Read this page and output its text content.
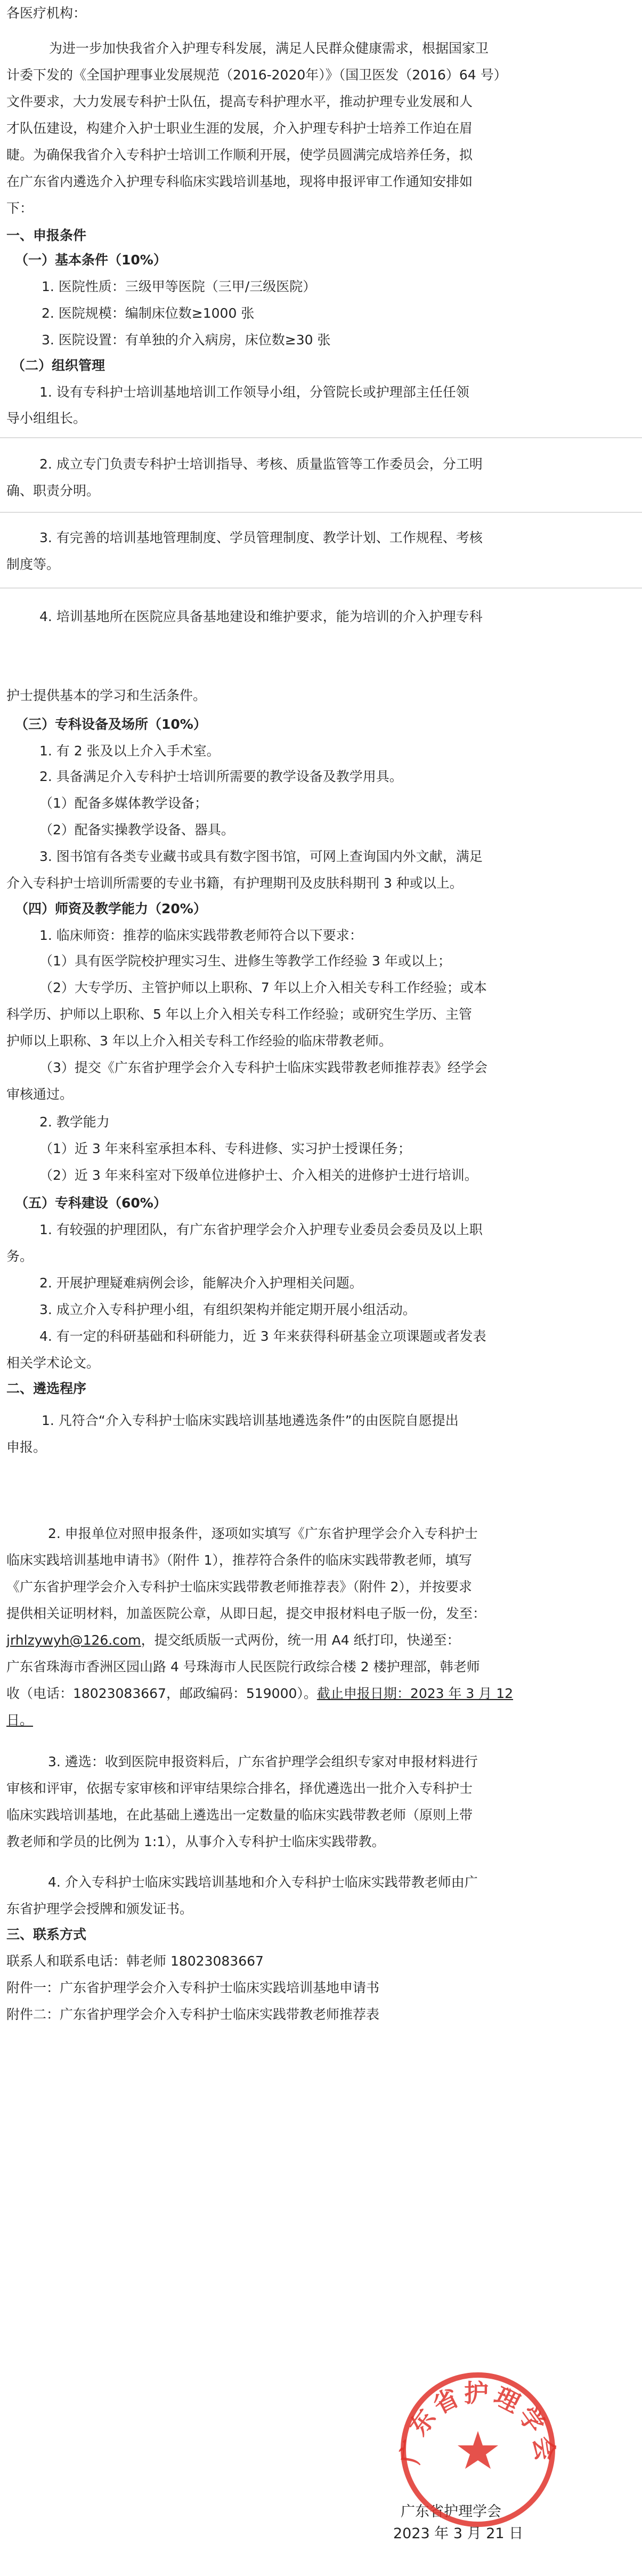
各医疗机构：
为进一步加快我省介入护理专科发展，满足人民群众健康需求，根据国家卫
计委下发的《全国护理事业发展规范（2016-2020年）》（国卫医发（2016）64 号）
文件要求，大力发展专科护士队伍，提高专科护理水平，推动护理专业发展和人
才队伍建设，构建介入护士职业生涯的发展，介入护理专科护士培养工作迫在眉
睫。为确保我省介入专科护士培训工作顺利开展，使学员圆满完成培养任务，拟
在广东省内遴选介入护理专科临床实践培训基地，现将申报评审工作通知安排如
下：
一、申报条件
（一）基本条件（10%）
1. 医院性质：三级甲等医院（三甲/三级医院）
2. 医院规模：编制床位数≥1000 张
3. 医院设置：有单独的介入病房，床位数≥30 张
（二）组织管理
1. 设有专科护士培训基地培训工作领导小组，分管院长或护理部主任任领
导小组组长。
2. 成立专门负责专科护士培训指导、考核、质量监管等工作委员会，分工明
确、职责分明。
3. 有完善的培训基地管理制度、学员管理制度、教学计划、工作规程、考核
制度等。
4. 培训基地所在医院应具备基地建设和维护要求，能为培训的介入护理专科
护士提供基本的学习和生活条件。
（三）专科设备及场所（10%）
1. 有 2 张及以上介入手术室。
2. 具备满足介入专科护士培训所需要的教学设备及教学用具。
（1）配备多媒体教学设备；
（2）配备实操教学设备、器具。
3. 图书馆有各类专业藏书或具有数字图书馆，可网上查询国内外文献，满足
介入专科护士培训所需要的专业书籍，有护理期刊及皮肤科期刊 3 种或以上。
（四）师资及教学能力（20%）
1. 临床师资：推荐的临床实践带教老师符合以下要求：
（1）具有医学院校护理实习生、进修生等教学工作经验 3 年或以上；
（2）大专学历、主管护师以上职称、7 年以上介入相关专科工作经验；或本
科学历、护师以上职称、5 年以上介入相关专科工作经验；或研究生学历、主管
护师以上职称、3 年以上介入相关专科工作经验的临床带教老师。
（3）提交《广东省护理学会介入专科护士临床实践带教老师推荐表》经学会
审核通过。
2. 教学能力
（1）近 3 年来科室承担本科、专科进修、实习护士授课任务；
（2）近 3 年来科室对下级单位进修护士、介入相关的进修护士进行培训。
（五）专科建设（60%）
1. 有较强的护理团队，有广东省护理学会介入护理专业委员会委员及以上职
务。
2. 开展护理疑难病例会诊，能解决介入护理相关问题。
3. 成立介入专科护理小组，有组织架构并能定期开展小组活动。
4. 有一定的科研基础和科研能力，近 3 年来获得科研基金立项课题或者发表
相关学术论文。
二、遴选程序
1. 凡符合“介入专科护士临床实践培训基地遴选条件”的由医院自愿提出
申报。
2. 申报单位对照申报条件，逐项如实填写《广东省护理学会介入专科护士
临床实践培训基地申请书》（附件 1），推荐符合条件的临床实践带教老师，填写
《广东省护理学会介入专科护士临床实践带教老师推荐表》（附件 2），并按要求
提供相关证明材料，加盖医院公章，从即日起，提交申报材料电子版一份，发至：
jrhlzywyh@126.com，提交纸质版一式两份，统一用 A4 纸打印，快递至：
广东省珠海市香洲区园山路 4 号珠海市人民医院行政综合楼 2 楼护理部，韩老师
收（电话：18023083667，邮政编码：519000）。截止申报日期：2023 年 3 月 12
日。
3. 遴选：收到医院申报资料后，广东省护理学会组织专家对申报材料进行
审核和评审，依据专家审核和评审结果综合排名，择优遴选出一批介入专科护士
临床实践培训基地，在此基础上遴选出一定数量的临床实践带教老师（原则上带
教老师和学员的比例为 1:1），从事介入专科护士临床实践带教。
4. 介入专科护士临床实践培训基地和介入专科护士临床实践带教老师由广
东省护理学会授牌和颁发证书。
三、联系方式
联系人和联系电话：韩老师 18023083667
附件一：广东省护理学会介入专科护士临床实践培训基地申请书
附件二：广东省护理学会介入专科护士临床实践带教老师推荐表
广东省护理学会
2023 年 3 月 21 日
广东省护理学会
